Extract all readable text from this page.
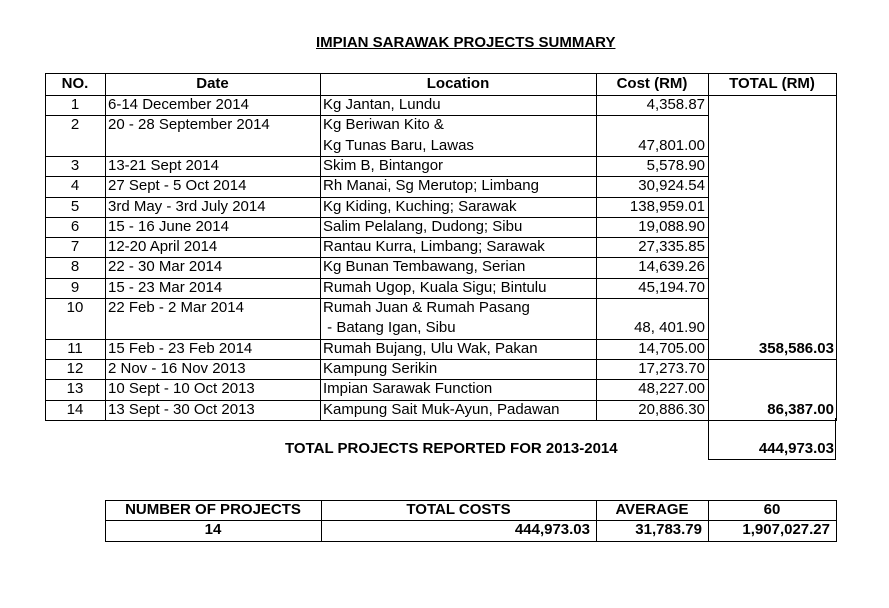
IMPIAN SARAWAK PROJECTS SUMMARY
NO.	Date	Location	Cost (RM)	TOTAL (RM)
1	6-14 December 2014	Kg Jantan, Lundu	4,358.87
2	20 - 28 September 2014	Kg Beriwan Kito &
Kg Tunas Baru, Lawas	47,801.00
3	13-21 Sept 2014	Skim B, Bintangor	5,578.90
4	27 Sept - 5 Oct 2014	Rh Manai, Sg Merutop; Limbang	30,924.54
5	3rd May - 3rd July 2014	Kg Kiding, Kuching; Sarawak	138,959.01
6	15 - 16 June 2014	Salim Pelalang, Dudong; Sibu	19,088.90
7	12-20 April 2014	Rantau Kurra, Limbang; Sarawak	27,335.85
8	22 - 30 Mar 2014	Kg Bunan Tembawang, Serian	14,639.26
9	15 - 23 Mar 2014	Rumah Ugop, Kuala Sigu; Bintulu	45,194.70
10	22 Feb - 2 Mar 2014	Rumah Juan & Rumah Pasang
- Batang Igan, Sibu	48, 401.90
11	15 Feb - 23 Feb 2014	Rumah Bujang, Ulu Wak, Pakan	14,705.00	358,586.03
12	2 Nov - 16 Nov 2013	Kampung Serikin	17,273.70
13	10 Sept - 10 Oct 2013	Impian Sarawak Function	48,227.00
14	13 Sept - 30 Oct 2013	Kampung Sait Muk-Ayun, Padawan	20,886.30	86,387.00
TOTAL PROJECTS REPORTED FOR 2013-2014	444,973.03
NUMBER OF PROJECTS	TOTAL COSTS	AVERAGE	60
14	444,973.03	31,783.79	1,907,027.27
